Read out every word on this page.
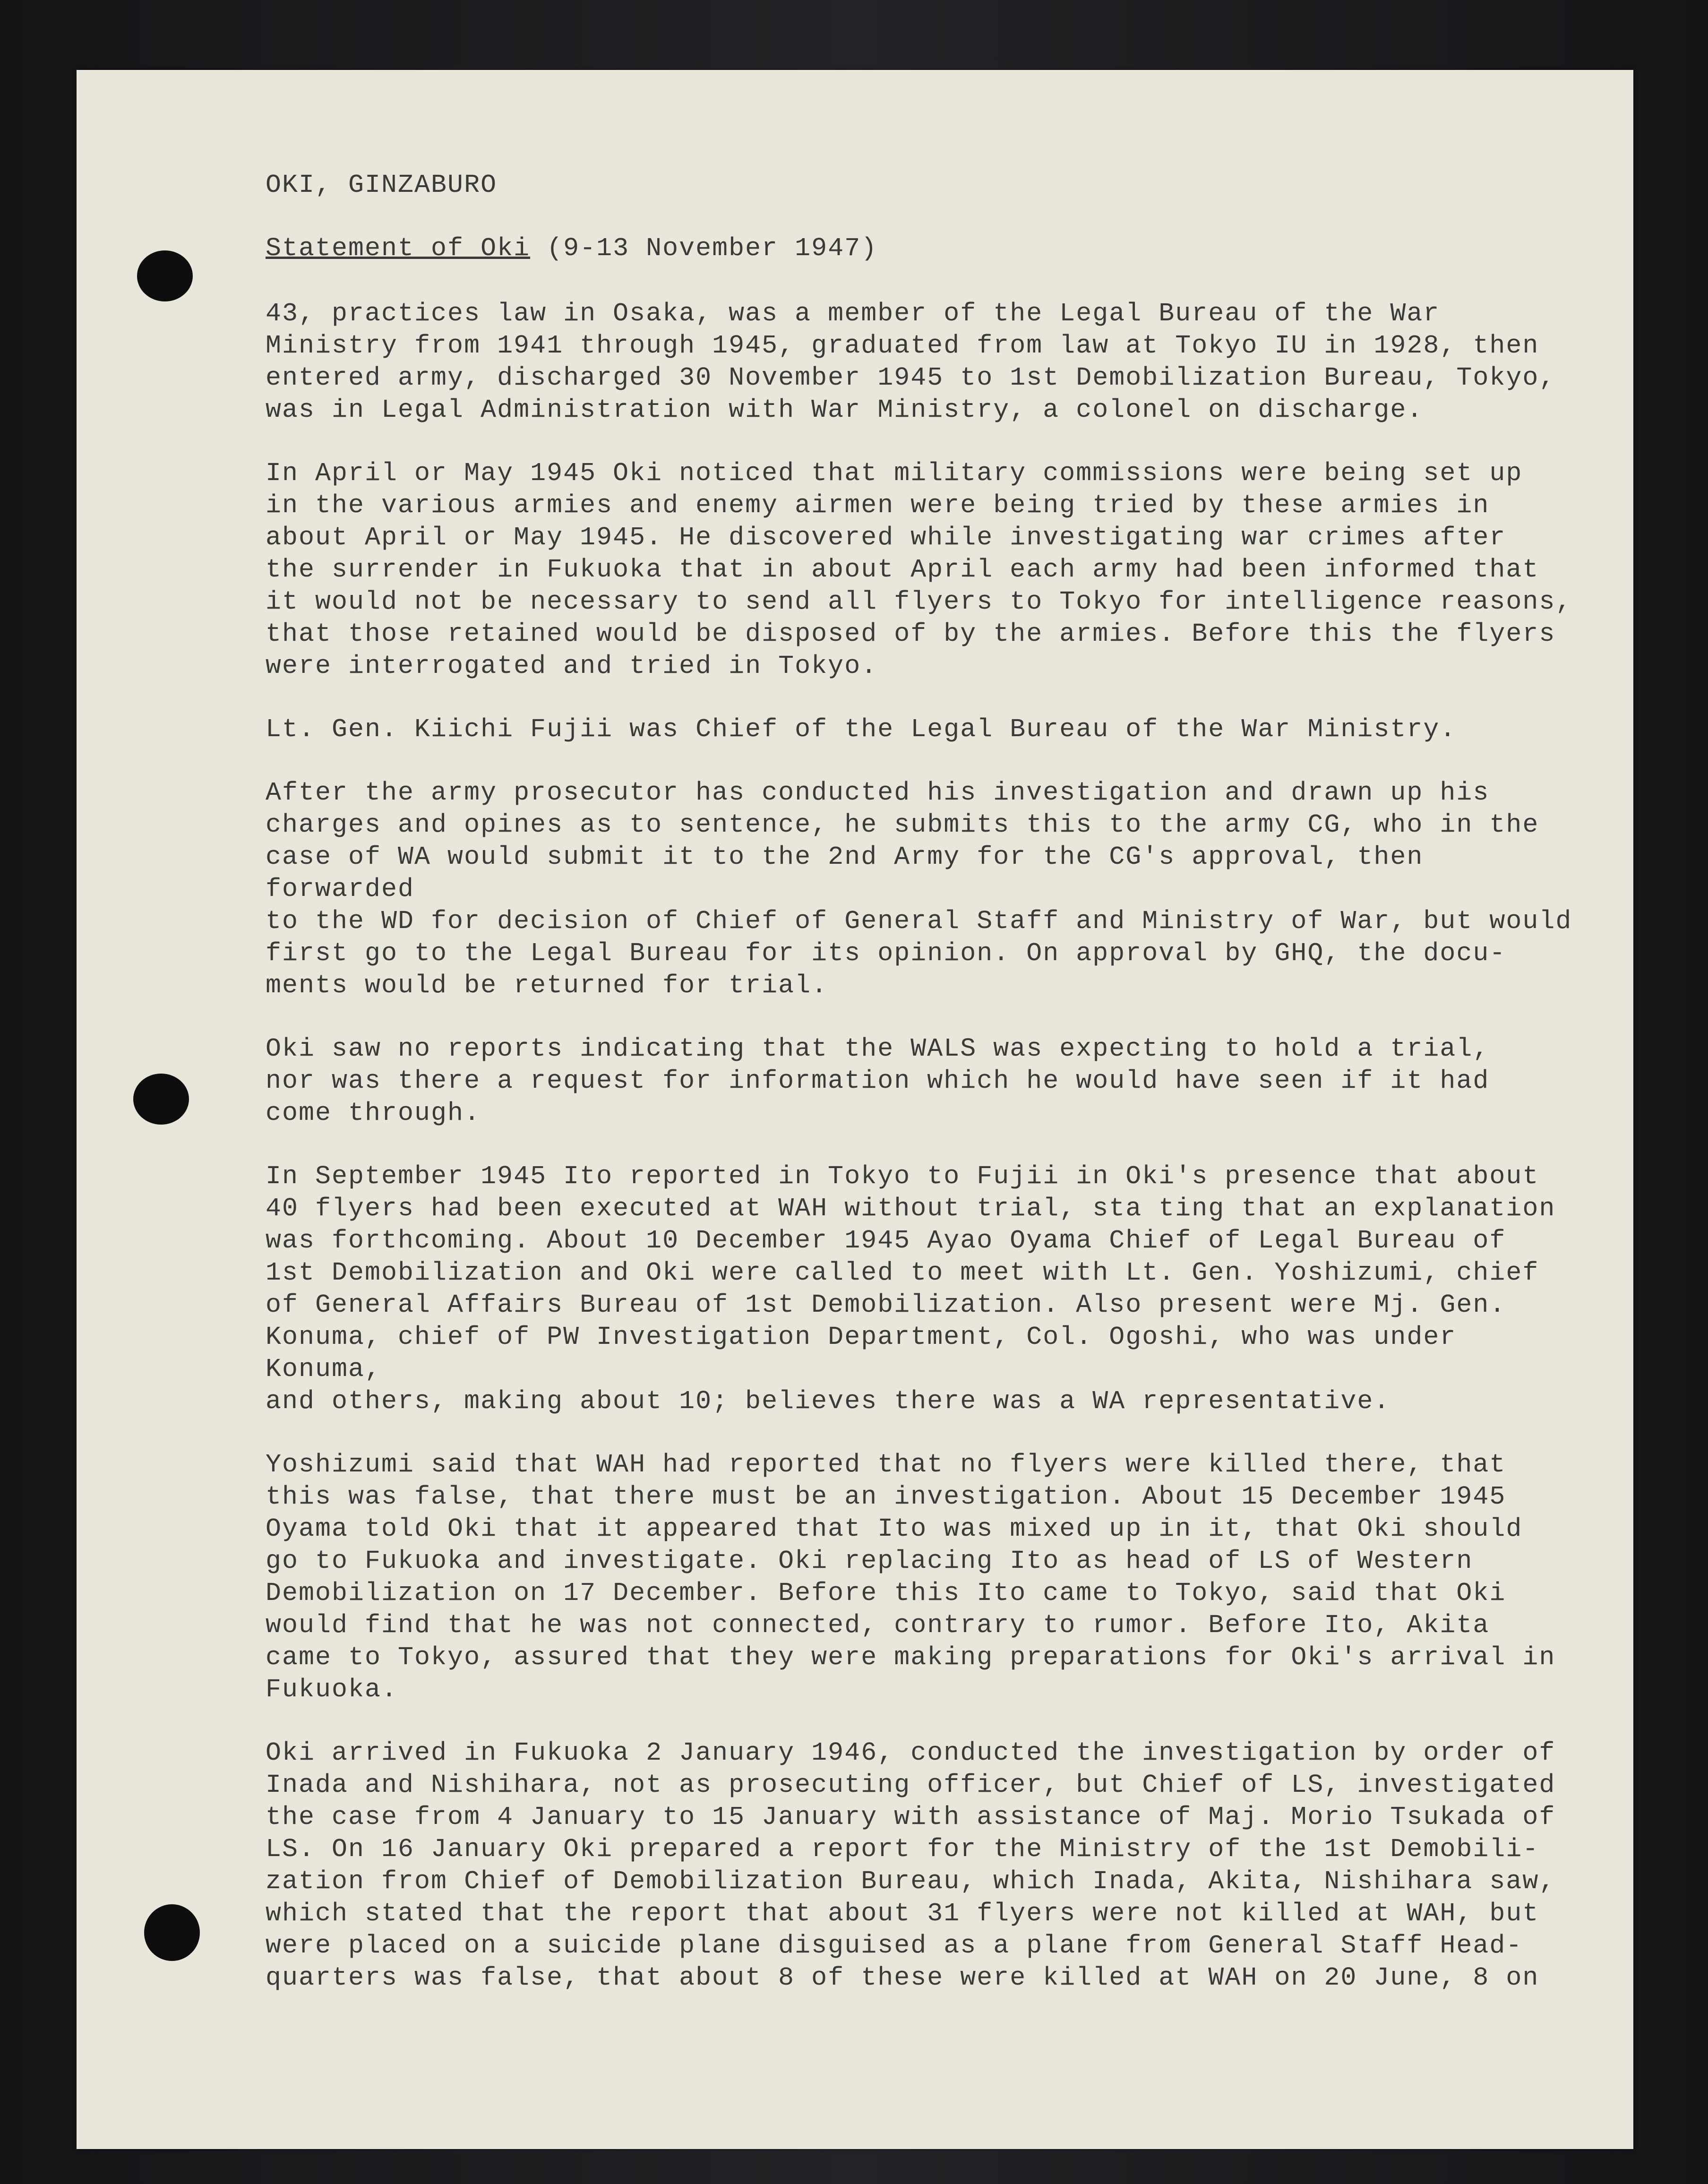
OKI, GINZABURO
Statement of Oki (9-13 November 1947)
43, practices law in Osaka, was a member of the Legal Bureau of the War
Ministry from 1941 through 1945, graduated from law at Tokyo IU in 1928, then
entered army, discharged 30 November 1945 to 1st Demobilization Bureau, Tokyo,
was in Legal Administration with War Ministry, a colonel on discharge.
In April or May 1945 Oki noticed that military commissions were being set up
in the various armies and enemy airmen were being tried by these armies in
about April or May 1945. He discovered while investigating war crimes after
the surrender in Fukuoka that in about April each army had been informed that
it would not be necessary to send all flyers to Tokyo for intelligence reasons,
that those retained would be disposed of by the armies. Before this the flyers
were interrogated and tried in Tokyo.
Lt. Gen. Kiichi Fujii was Chief of the Legal Bureau of the War Ministry.
After the army prosecutor has conducted his investigation and drawn up his
charges and opines as to sentence, he submits this to the army CG, who in the
case of WA would submit it to the 2nd Army for the CG's approval, then forwarded
to the WD for decision of Chief of General Staff and Ministry of War, but would
first go to the Legal Bureau for its opinion. On approval by GHQ, the docu-
ments would be returned for trial.
Oki saw no reports indicating that the WALS was expecting to hold a trial,
nor was there a request for information which he would have seen if it had
come through.
In September 1945 Ito reported in Tokyo to Fujii in Oki's presence that about
40 flyers had been executed at WAH without trial, sta ting that an explanation
was forthcoming. About 10 December 1945 Ayao Oyama Chief of Legal Bureau of
1st Demobilization and Oki were called to meet with Lt. Gen. Yoshizumi, chief
of General Affairs Bureau of 1st Demobilization. Also present were Mj. Gen.
Konuma, chief of PW Investigation Department, Col. Ogoshi, who was under Konuma,
and others, making about 10; believes there was a WA representative.
Yoshizumi said that WAH had reported that no flyers were killed there, that
this was false, that there must be an investigation. About 15 December 1945
Oyama told Oki that it appeared that Ito was mixed up in it, that Oki should
go to Fukuoka and investigate. Oki replacing Ito as head of LS of Western
Demobilization on 17 December. Before this Ito came to Tokyo, said that Oki
would find that he was not connected, contrary to rumor. Before Ito, Akita
came to Tokyo, assured that they were making preparations for Oki's arrival in
Fukuoka.
Oki arrived in Fukuoka 2 January 1946, conducted the investigation by order of
Inada and Nishihara, not as prosecuting officer, but Chief of LS, investigated
the case from 4 January to 15 January with assistance of Maj. Morio Tsukada of
LS. On 16 January Oki prepared a report for the Ministry of the 1st Demobili-
zation from Chief of Demobilization Bureau, which Inada, Akita, Nishihara saw,
which stated that the report that about 31 flyers were not killed at WAH, but
were placed on a suicide plane disguised as a plane from General Staff Head-
quarters was false, that about 8 of these were killed at WAH on 20 June, 8 on
